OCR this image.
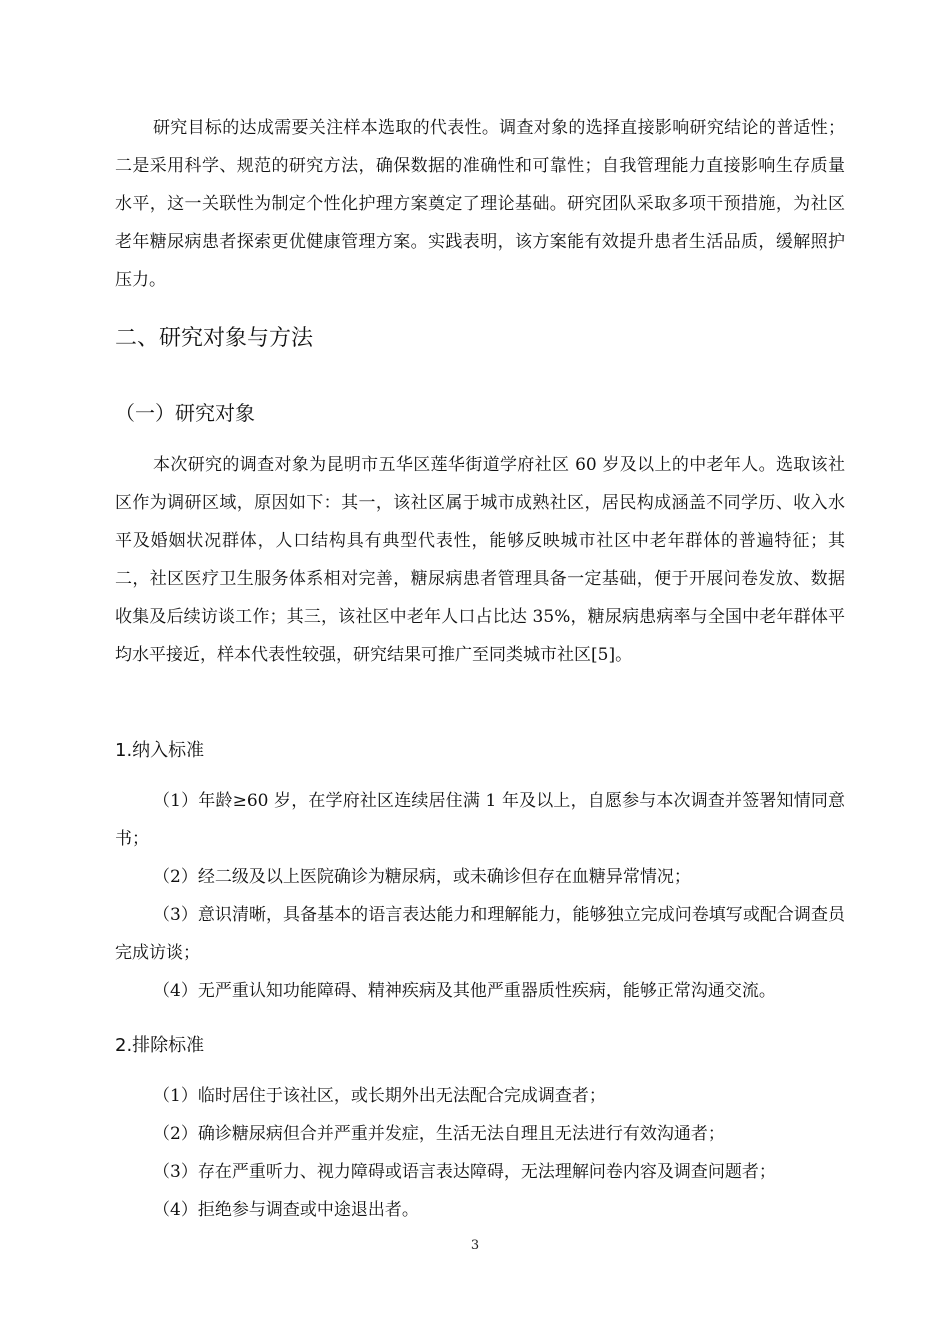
研究目标的达成需要关注样本选取的代表性。调查对象的选择直接影响研究结论的普适性；二是采用科学、规范的研究方法，确保数据的准确性和可靠性；自我管理能力直接影响生存质量水平，这一关联性为制定个性化护理方案奠定了理论基础。研究团队采取多项干预措施，为社区老年糖尿病患者探索更优健康管理方案。实践表明，该方案能有效提升患者生活品质，缓解照护压力。

二、研究对象与方法
（一）研究对象

本次研究的调查对象为昆明市五华区莲华街道学府社区 60 岁及以上的中老年人。选取该社区作为调研区域，原因如下：其一，该社区属于城市成熟社区，居民构成涵盖不同学历、收入水平及婚姻状况群体，人口结构具有典型代表性，能够反映城市社区中老年群体的普遍特征；其二，社区医疗卫生服务体系相对完善，糖尿病患者管理具备一定基础，便于开展问卷发放、数据收集及后续访谈工作；其三，该社区中老年人口占比达 35%，糖尿病患病率与全国中老年群体平均水平接近，样本代表性较强，研究结果可推广至同类城市社区[5]。

1.纳入标准
（1）年龄≥60 岁，在学府社区连续居住满 1 年及以上，自愿参与本次调查并签署知情同意书；
（2）经二级及以上医院确诊为糖尿病，或未确诊但存在血糖异常情况；
（3）意识清晰，具备基本的语言表达能力和理解能力，能够独立完成问卷填写或配合调查员完成访谈；
（4）无严重认知功能障碍、精神疾病及其他严重器质性疾病，能够正常沟通交流。
2.排除标准
（1）临时居住于该社区，或长期外出无法配合完成调查者；
（2）确诊糖尿病但合并严重并发症，生活无法自理且无法进行有效沟通者；
（3）存在严重听力、视力障碍或语言表达障碍，无法理解问卷内容及调查问题者；
（4）拒绝参与调查或中途退出者。
3
